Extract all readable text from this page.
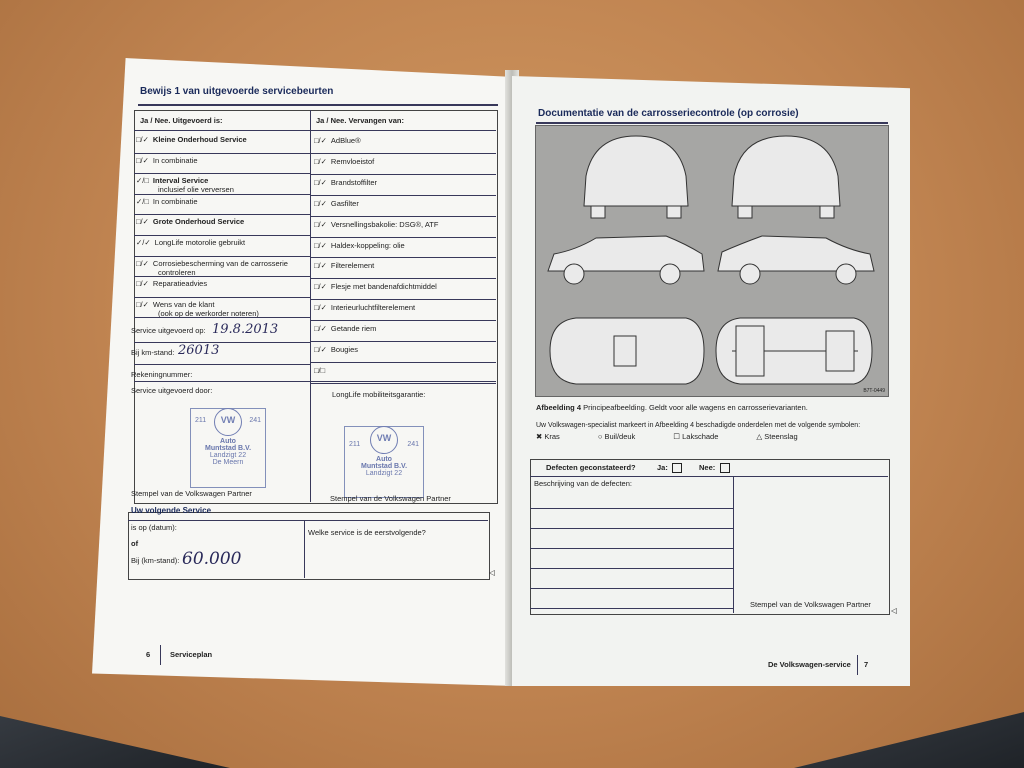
Bewijs 1 van uitgevoerde servicebeurten
Ja / Nee. Uitgevoerd is:	Ja / Nee. Vervangen van:
□/✓ Kleine Onderhoud Service
□/✓ In combinatie
✓/□ Interval Service
inclusief olie verversen
✓/□ In combinatie
□/✓ Grote Onderhoud Service
✓/✓ LongLife motorolie gebruikt
□/✓ Corrosiebescherming van de carrosserie
controleren
□/✓ Reparatieadvies
□/✓ Wens van de klant
(ook op de werkorder noteren)
□/✓ AdBlue®
□/✓ Remvloeistof
□/✓ Brandstoffilter
□/✓ Gasfilter
□/✓ Versnellingsbakolie: DSG®, ATF
□/✓ Haldex-koppeling: olie
□/✓ Filterelement
□/✓ Flesje met bandenafdichtmiddel
□/✓ Interieurluchtfilterelement
□/✓ Getande riem
□/✓ Bougies
□/□
Service uitgevoerd op: 19.8.2013
Bij km-stand: 26013
Rekeningnummer:
Service uitgevoerd door:	LongLife mobiliteitsgarantie:
211	241
VW
Auto
Muntstad B.V.
Landzigt 22
De Meern
211	241
VW
Auto
Muntstad B.V.
Landzigt 22
Stempel van de Volkswagen Partner
Stempel van de Volkswagen Partner
Uw volgende Service
is op (datum):
of
Bij (km-stand): 60.000
Welke service is de eerstvolgende?
◁
6	Serviceplan
Documentatie van de carrosseriecontrole (op corrosie)
B7T-0449
Afbeelding 4 Principeafbeelding. Geldt voor alle wagens en carrosserievarianten.
Uw Volkswagen-specialist markeert in Afbeelding 4 beschadigde onderdelen met de volgende symbolen:
✖ Kras	○ Buil/deuk	☐ Lakschade	△ Steenslag
Defecten geconstateerd?	Ja:	Nee:
Beschrijving van de defecten:
Stempel van de Volkswagen Partner
◁
De Volkswagen-service 7
